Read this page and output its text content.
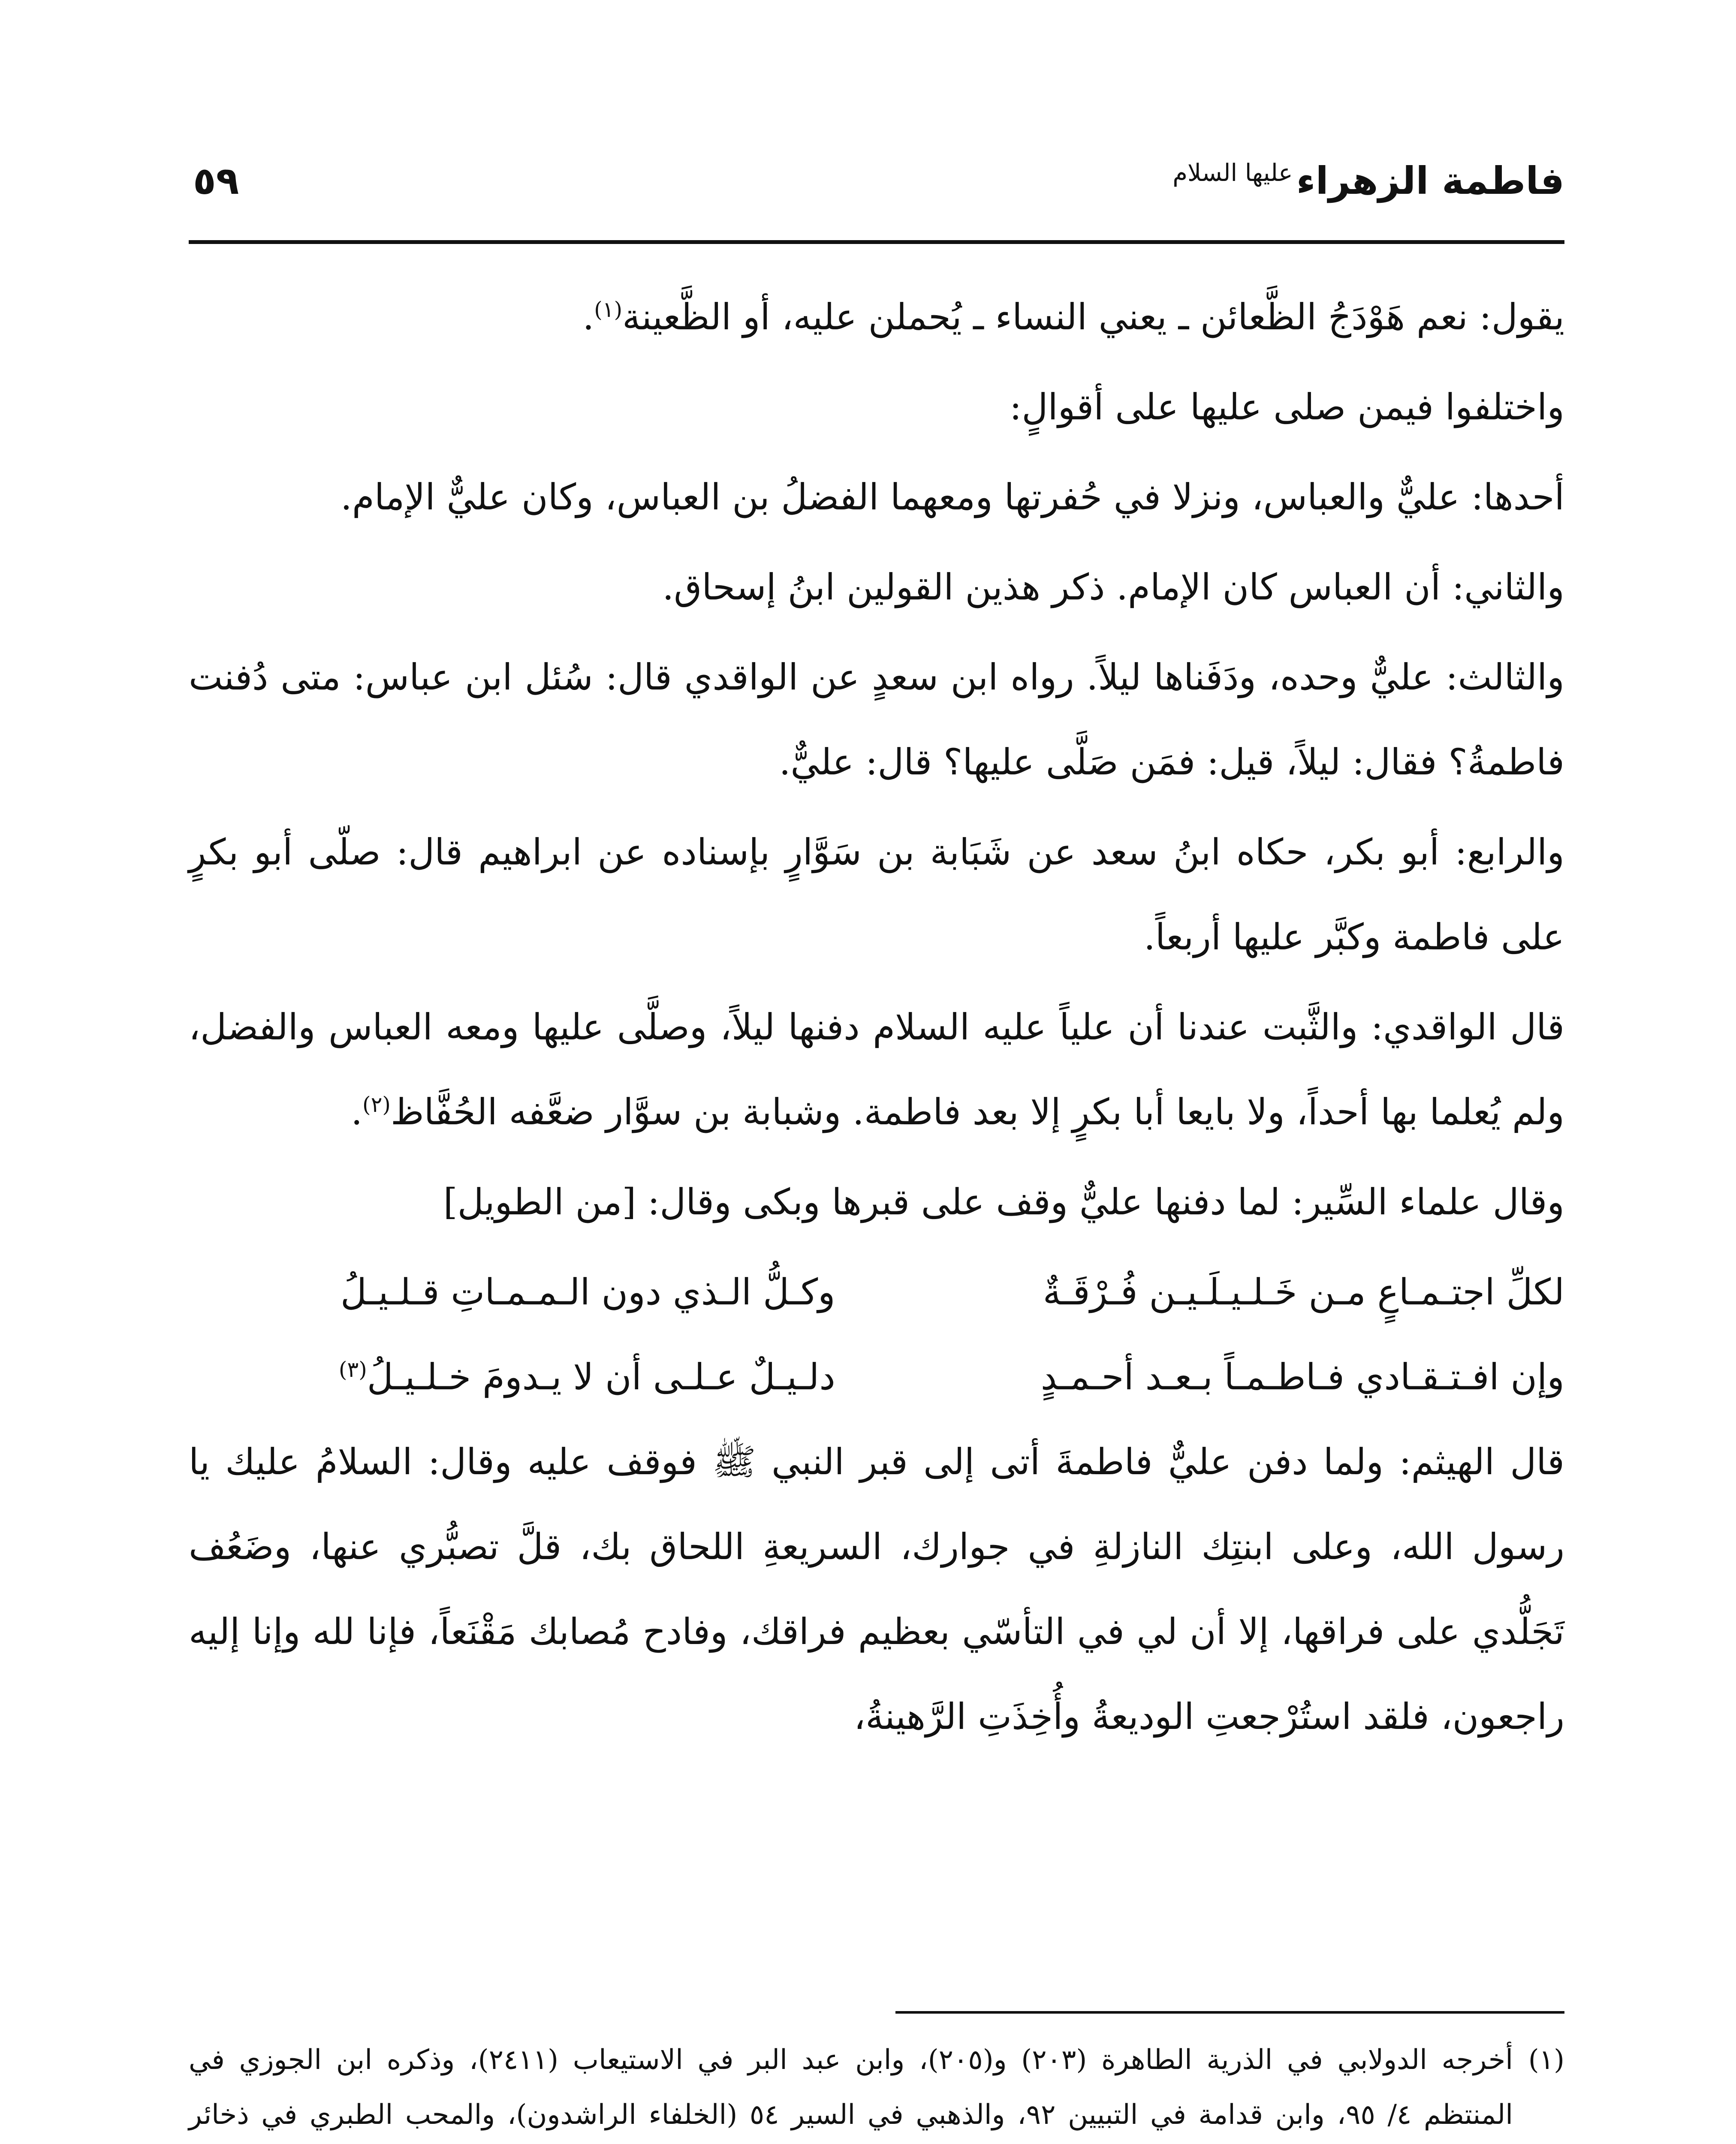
فاطمة الزهراء$^{عليها السلام}$
٥٩

يقول: نعم هَوْدَجُ الظَّعائن ـ يعني النساء ـ يُحملن عليه، أو الظَّعينة$^{(١)}$.

واختلفوا فيمن صلى عليها على أقوالٍ:

أحدها: عليٌّ والعباس، ونزلا في حُفرتها ومعهما الفضلُ بن العباس، وكان عليٌّ الإمام.

والثاني: أن العباس كان الإمام. ذكر هذين القولين ابنُ إسحاق.

والثالث: عليٌّ وحده، ودَفَناها ليلاً. رواه ابن سعدٍ عن الواقدي قال: سُئل ابن عباس: متى دُفنت فاطمةُ؟ فقال: ليلاً، قيل: فمَن صَلَّى عليها؟ قال: عليٌّ.

والرابع: أبو بكر، حكاه ابنُ سعد عن شَبَابة بن سَوَّارٍ بإسناده عن ابراهيم قال: صلّى أبو بكرٍ على فاطمة وكبَّر عليها أربعاً.

قال الواقدي: والثَّبت عندنا أن علياً عليه السلام دفنها ليلاً، وصلَّى عليها ومعه العباس والفضل، ولم يُعلما بها أحداً، ولا بايعا أبا بكرٍ إلا بعد فاطمة. وشبابة بن سوَّار ضعَّفه الحُفَّاظ$^{(٢)}$.

وقال علماء السِّير: لما دفنها عليٌّ وقف على قبرها وبكى وقال: [من الطويل]

لكلِّ اجتـمـاعٍ مـن خَـلـيـلَـيـن فُـرْقَـةٌ
وكـلُّ الـذي دون الـمـمـاتِ قـلـيـلُ
وإن افـتـقـادي فـاطـمـاً بـعـد أحـمـدٍ
دلـيـلٌ عـلـى أن لا يـدومَ خـلـيـلُ$^{(٣)}$

قال الهيثم: ولما دفن عليٌّ فاطمةَ أتى إلى قبر النبي ﷺ فوقف عليه وقال: السلامُ عليك يا رسول الله، وعلى ابنتِك النازلةِ في جوارك، السريعةِ اللحاق بك، قلَّ تصبُّري عنها، وضَعُف تَجَلُّدي على فراقها، إلا أن لي في التأسّي بعظيم فراقك، وفادح مُصابك مَقْنَعاً، فإنا لله وإنا إليه راجعون، فلقد استُرْجعتِ الوديعةُ وأُخِذَتِ الرَّهينةُ،

(١)أخرجه الدولابي في الذرية الطاهرة (٢٠٣) و(٢٠٥)، وابن عبد البر في الاستيعاب (٢٤١١)، وذكره ابن الجوزي في المنتظم ٤/ ٩٥، وابن قدامة في التبيين ٩٢، والذهبي في السير ٥٤ (الخلفاء الراشدون)، والمحب الطبري في ذخائر
